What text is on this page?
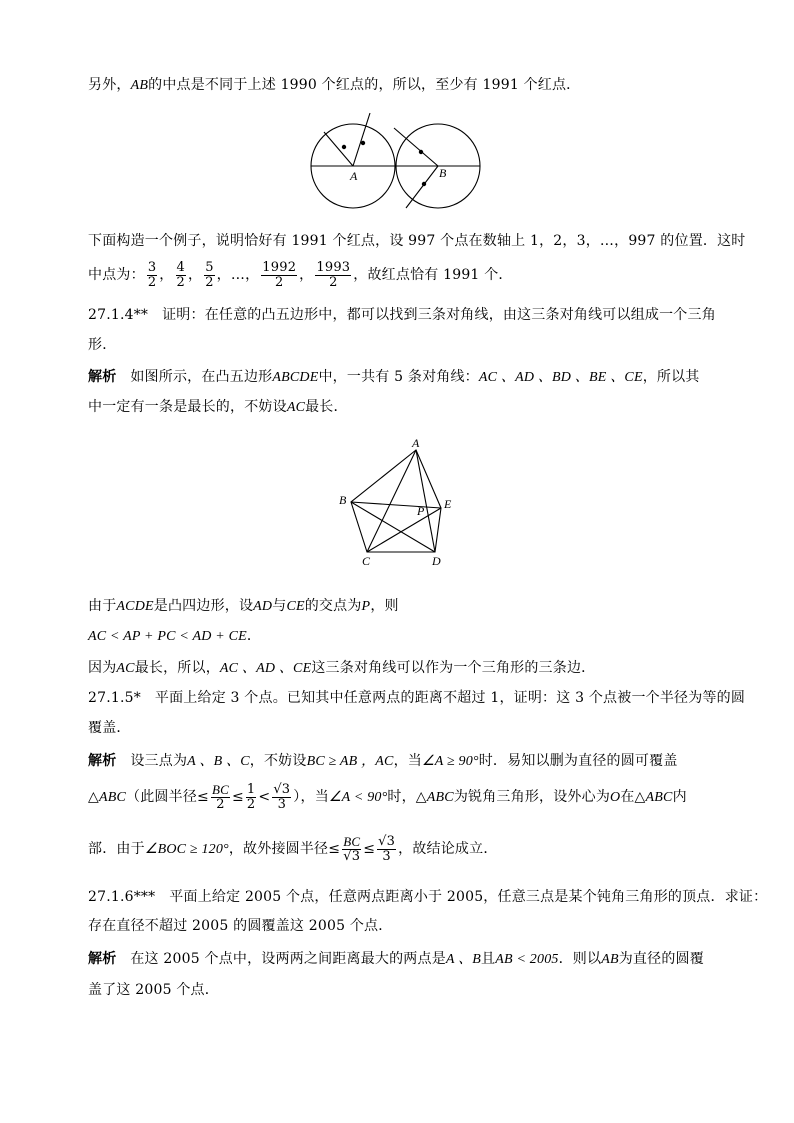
另外，AB的中点是不同于上述 1990 个红点的，所以，至少有 1991 个红点．
A	B
下面构造一个例子，说明恰好有 1991 个红点，设 997 个点在数轴上 1，2，3，…，997 的位置．这时
中点为： $\frac{3}{2}$ ， $\frac{4}{2}$ ， $\frac{5}{2}$ ，…， $\frac{1992}{2}$ ， $\frac{1993}{2}$ ，故红点恰有 1991 个．
27.1.4** 证明：在任意的凸五边形中，都可以找到三条对角线，由这三条对角线可以组成一个三角
形．
解析 如图所示，在凸五边形ABCDE中，一共有 5 条对角线：AC 、AD 、BD 、BE 、CE，所以其
中一定有一条是最长的，不妨设AC最长．
A
B
C	D
E
P
由于ACDE是凸四边形，设AD与CE的交点为P，则
AC < AP + PC < AD + CE．
因为AC最长，所以，AC 、AD 、CE这三条对角线可以作为一个三角形的三条边．
27.1.5* 平面上给定 3 个点。已知其中任意两点的距离不超过 1，证明：这 3 个点被一个半径为等的圆
覆盖．
解析 设三点为A 、B 、C，不妨设BC ≥ AB ，AC，当∠A ≥ 90°时．易知以删为直径的圆可覆盖
△ABC（此圆半径≤ $\frac{BC}{2} \le \frac{1}{2} < \frac{√3}{3}$ ），当∠A < 90°时，△ABC为锐角三角形，设外心为O在△ABC内
部．由于∠BOC ≥ 120°，故外接圆半径≤ $\frac{BC}{√3} \le \frac{√3}{3}$ ，故结论成立．
27.1.6*** 平面上给定 2005 个点，任意两点距离小于 2005，任意三点是某个钝角三角形的顶点．求证：
存在直径不超过 2005 的圆覆盖这 2005 个点．
解析 在这 2005 个点中，设两两之间距离最大的两点是A 、B且AB < 2005．则以AB为直径的圆覆
盖了这 2005 个点．
